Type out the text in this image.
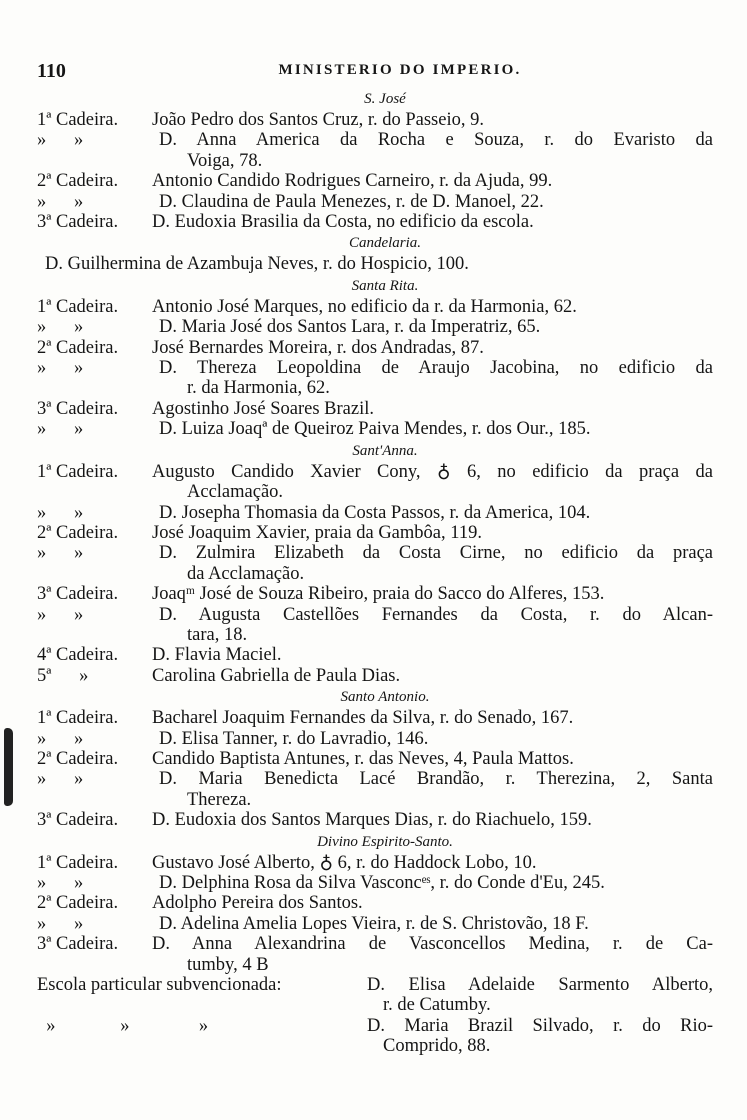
110	MINISTERIO DO IMPERIO.
S. José
1ª Cadeira. João Pedro dos Santos Cruz, r. do Passeio, 9.
»      »	D. Anna America da Rocha e Souza, r. do Evaristo da
Voiga, 78.
2ª Cadeira. Antonio Candido Rodrigues Carneiro, r. da Ajuda, 99.
»      »	D. Claudina de Paula Menezes, r. de D. Manoel, 22.
3ª Cadeira. D. Eudoxia Brasilia da Costa, no edificio da escola.
Candelaria.
D. Guilhermina de Azambuja Neves, r. do Hospicio, 100.
Santa Rita.
1ª Cadeira. Antonio José Marques, no edificio da r. da Harmonia, 62.
»      »	D. Maria José dos Santos Lara, r. da Imperatriz, 65.
2ª Cadeira. José Bernardes Moreira, r. dos Andradas, 87.
»      »	D. Thereza Leopoldina de Araujo Jacobina, no edificio da
r. da Harmonia, 62.
3ª Cadeira. Agostinho José Soares Brazil.
»      »	D. Luiza Joaqª de Queiroz Paiva Mendes, r. dos Our., 185.
Sant'Anna.
1ª Cadeira. Augusto Candido Xavier Cony, ♁ 6, no edificio da praça da
Acclamação.
»      »	D. Josepha Thomasia da Costa Passos, r. da America, 104.
2ª Cadeira. José Joaquim Xavier, praia da Gambôa, 119.
»      »	D. Zulmira Elizabeth da Costa Cirne, no edificio da praça
da Acclamação.
3ª Cadeira. Joaqᵐ José de Souza Ribeiro, praia do Sacco do Alferes, 153.
»      »	D. Augusta Castellões Fernandes da Costa, r. do Alcan-
tara, 18.
4ª Cadeira. D. Flavia Maciel.
5ª      »	Carolina Gabriella de Paula Dias.
Santo Antonio.
1ª Cadeira. Bacharel Joaquim Fernandes da Silva, r. do Senado, 167.
»      »	D. Elisa Tanner, r. do Lavradio, 146.
2ª Cadeira. Candido Baptista Antunes, r. das Neves, 4, Paula Mattos.
»      »	D. Maria Benedicta Lacé Brandão, r. Therezina, 2, Santa
Thereza.
3ª Cadeira. D. Eudoxia dos Santos Marques Dias, r. do Riachuelo, 159.
Divino Espirito-Santo.
1ª Cadeira. Gustavo José Alberto, ♁ 6, r. do Haddock Lobo, 10.
»      »	D. Delphina Rosa da Silva Vasconcᵉˢ, r. do Conde d'Eu, 245.
2ª Cadeira. Adolpho Pereira dos Santos.
»      »	D. Adelina Amelia Lopes Vieira, r. de S. Christovão, 18 F.
3ª Cadeira. D. Anna Alexandrina de Vasconcellos Medina, r. de Ca-
tumby, 4 B
Escola particular subvencionada:	D. Elisa Adelaide Sarmento Alberto,
r. de Catumby.
»              »               »	D. Maria Brazil Silvado, r. do Rio-
Comprido, 88.
